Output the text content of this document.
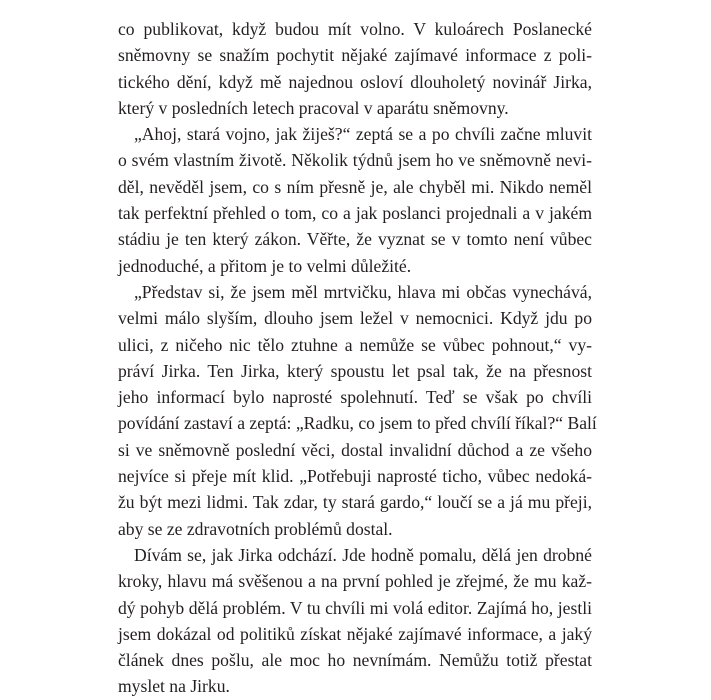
co publikovat, když budou mít volno. V kuloárech Poslanecké
sněmovny se snažím pochytit nějaké zajímavé informace z poli-
tického dění, když mě najednou osloví dlouholetý novinář Jirka,
který v posledních letech pracoval v aparátu sněmovny.
„Ahoj, stará vojno, jak žiješ?“ zeptá se a po chvíli začne mluvit
o svém vlastním životě. Několik týdnů jsem ho ve sněmovně nevi-
děl, nevěděl jsem, co s ním přesně je, ale chyběl mi. Nikdo neměl
tak perfektní přehled o tom, co a jak poslanci projednali a v jakém
stádiu je ten který zákon. Věřte, že vyznat se v tomto není vůbec
jednoduché, a přitom je to velmi důležité.
„Představ si, že jsem měl mrtvičku, hlava mi občas vynechává,
velmi málo slyším, dlouho jsem ležel v nemocnici. Když jdu po
ulici, z ničeho nic tělo ztuhne a nemůže se vůbec pohnout,“ vy-
práví Jirka. Ten Jirka, který spoustu let psal tak, že na přesnost
jeho informací bylo naprosté spolehnutí. Teď se však po chvíli
povídání zastaví a zeptá: „Radku, co jsem to před chvílí říkal?“ Balí
si ve sněmovně poslední věci, dostal invalidní důchod a ze všeho
nejvíce si přeje mít klid. „Potřebuji naprosté ticho, vůbec nedoká-
žu být mezi lidmi. Tak zdar, ty stará gardo,“ loučí se a já mu přeji,
aby se ze zdravotních problémů dostal.
Dívám se, jak Jirka odchází. Jde hodně pomalu, dělá jen drobné
kroky, hlavu má svěšenou a na první pohled je zřejmé, že mu kaž-
dý pohyb dělá problém. V tu chvíli mi volá editor. Zajímá ho, jestli
jsem dokázal od politiků získat nějaké zajímavé informace, a jaký
článek dnes pošlu, ale moc ho nevnímám. Nemůžu totiž přestat
myslet na Jirku.
